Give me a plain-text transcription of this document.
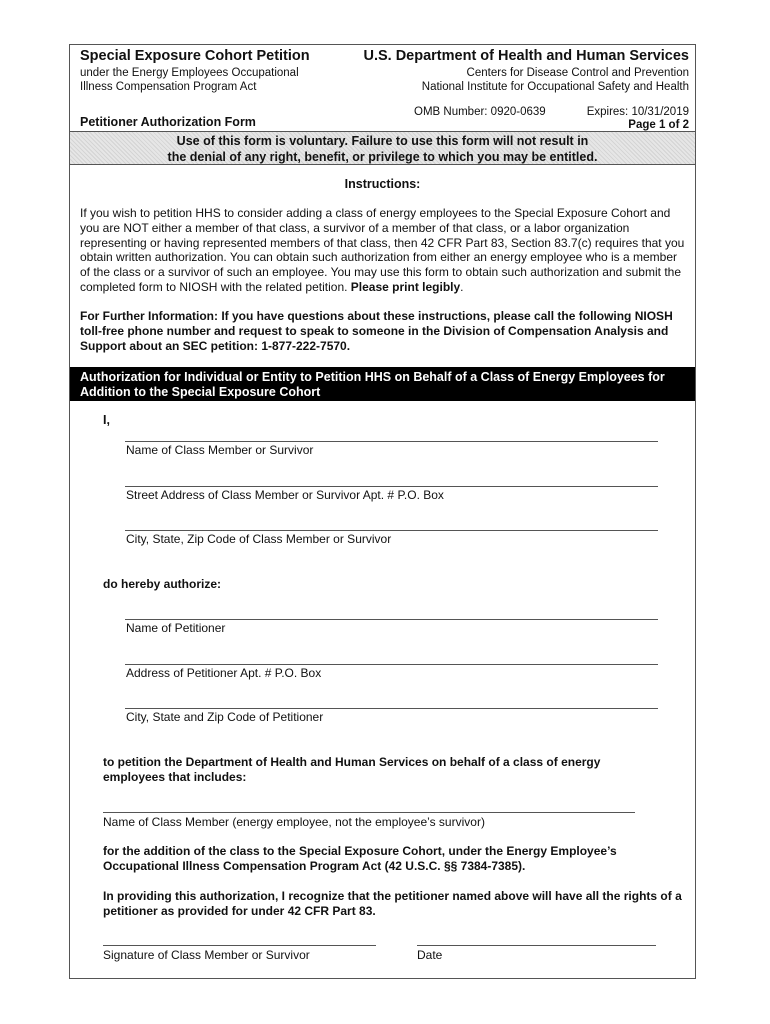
Special Exposure Cohort Petition
under the Energy Employees Occupational
Illness Compensation Program Act
U.S. Department of Health and Human Services
Centers for Disease Control and Prevention
National Institute for Occupational Safety and Health
OMB Number: 0920-0639	Expires: 10/31/2019
Page 1 of 2
Petitioner Authorization Form
Use of this form is voluntary. Failure to use this form will not result in
the denial of any right, benefit, or privilege to which you may be entitled.
Instructions:
If you wish to petition HHS to consider adding a class of energy employees to the Special Exposure Cohort and you are NOT either a member of that class, a survivor of a member of that class, or a labor organization representing or having represented members of that class, then 42 CFR Part 83, Section 83.7(c) requires that you obtain written authorization. You can obtain such authorization from either an energy employee who is a member of the class or a survivor of such an employee. You may use this form to obtain such authorization and submit the completed form to NIOSH with the related petition. Please print legibly.
For Further Information: If you have questions about these instructions, please call the following NIOSH toll-free phone number and request to speak to someone in the Division of Compensation Analysis and Support about an SEC petition: 1-877-222-7570.
Authorization for Individual or Entity to Petition HHS on Behalf of a Class of Energy Employees for Addition to the Special Exposure Cohort
I,
Name of Class Member or Survivor
Street Address of Class Member or Survivor Apt. # P.O. Box
City, State, Zip Code of Class Member or Survivor
do hereby authorize:
Name of Petitioner
Address of Petitioner Apt. # P.O. Box
City, State and Zip Code of Petitioner
to petition the Department of Health and Human Services on behalf of a class of energy employees that includes:
Name of Class Member (energy employee, not the employee’s survivor)
for the addition of the class to the Special Exposure Cohort, under the Energy Employee’s Occupational Illness Compensation Program Act (42 U.S.C. §§ 7384-7385).
In providing this authorization, I recognize that the petitioner named above will have all the rights of a petitioner as provided for under 42 CFR Part 83.
Signature of Class Member or Survivor	Date
